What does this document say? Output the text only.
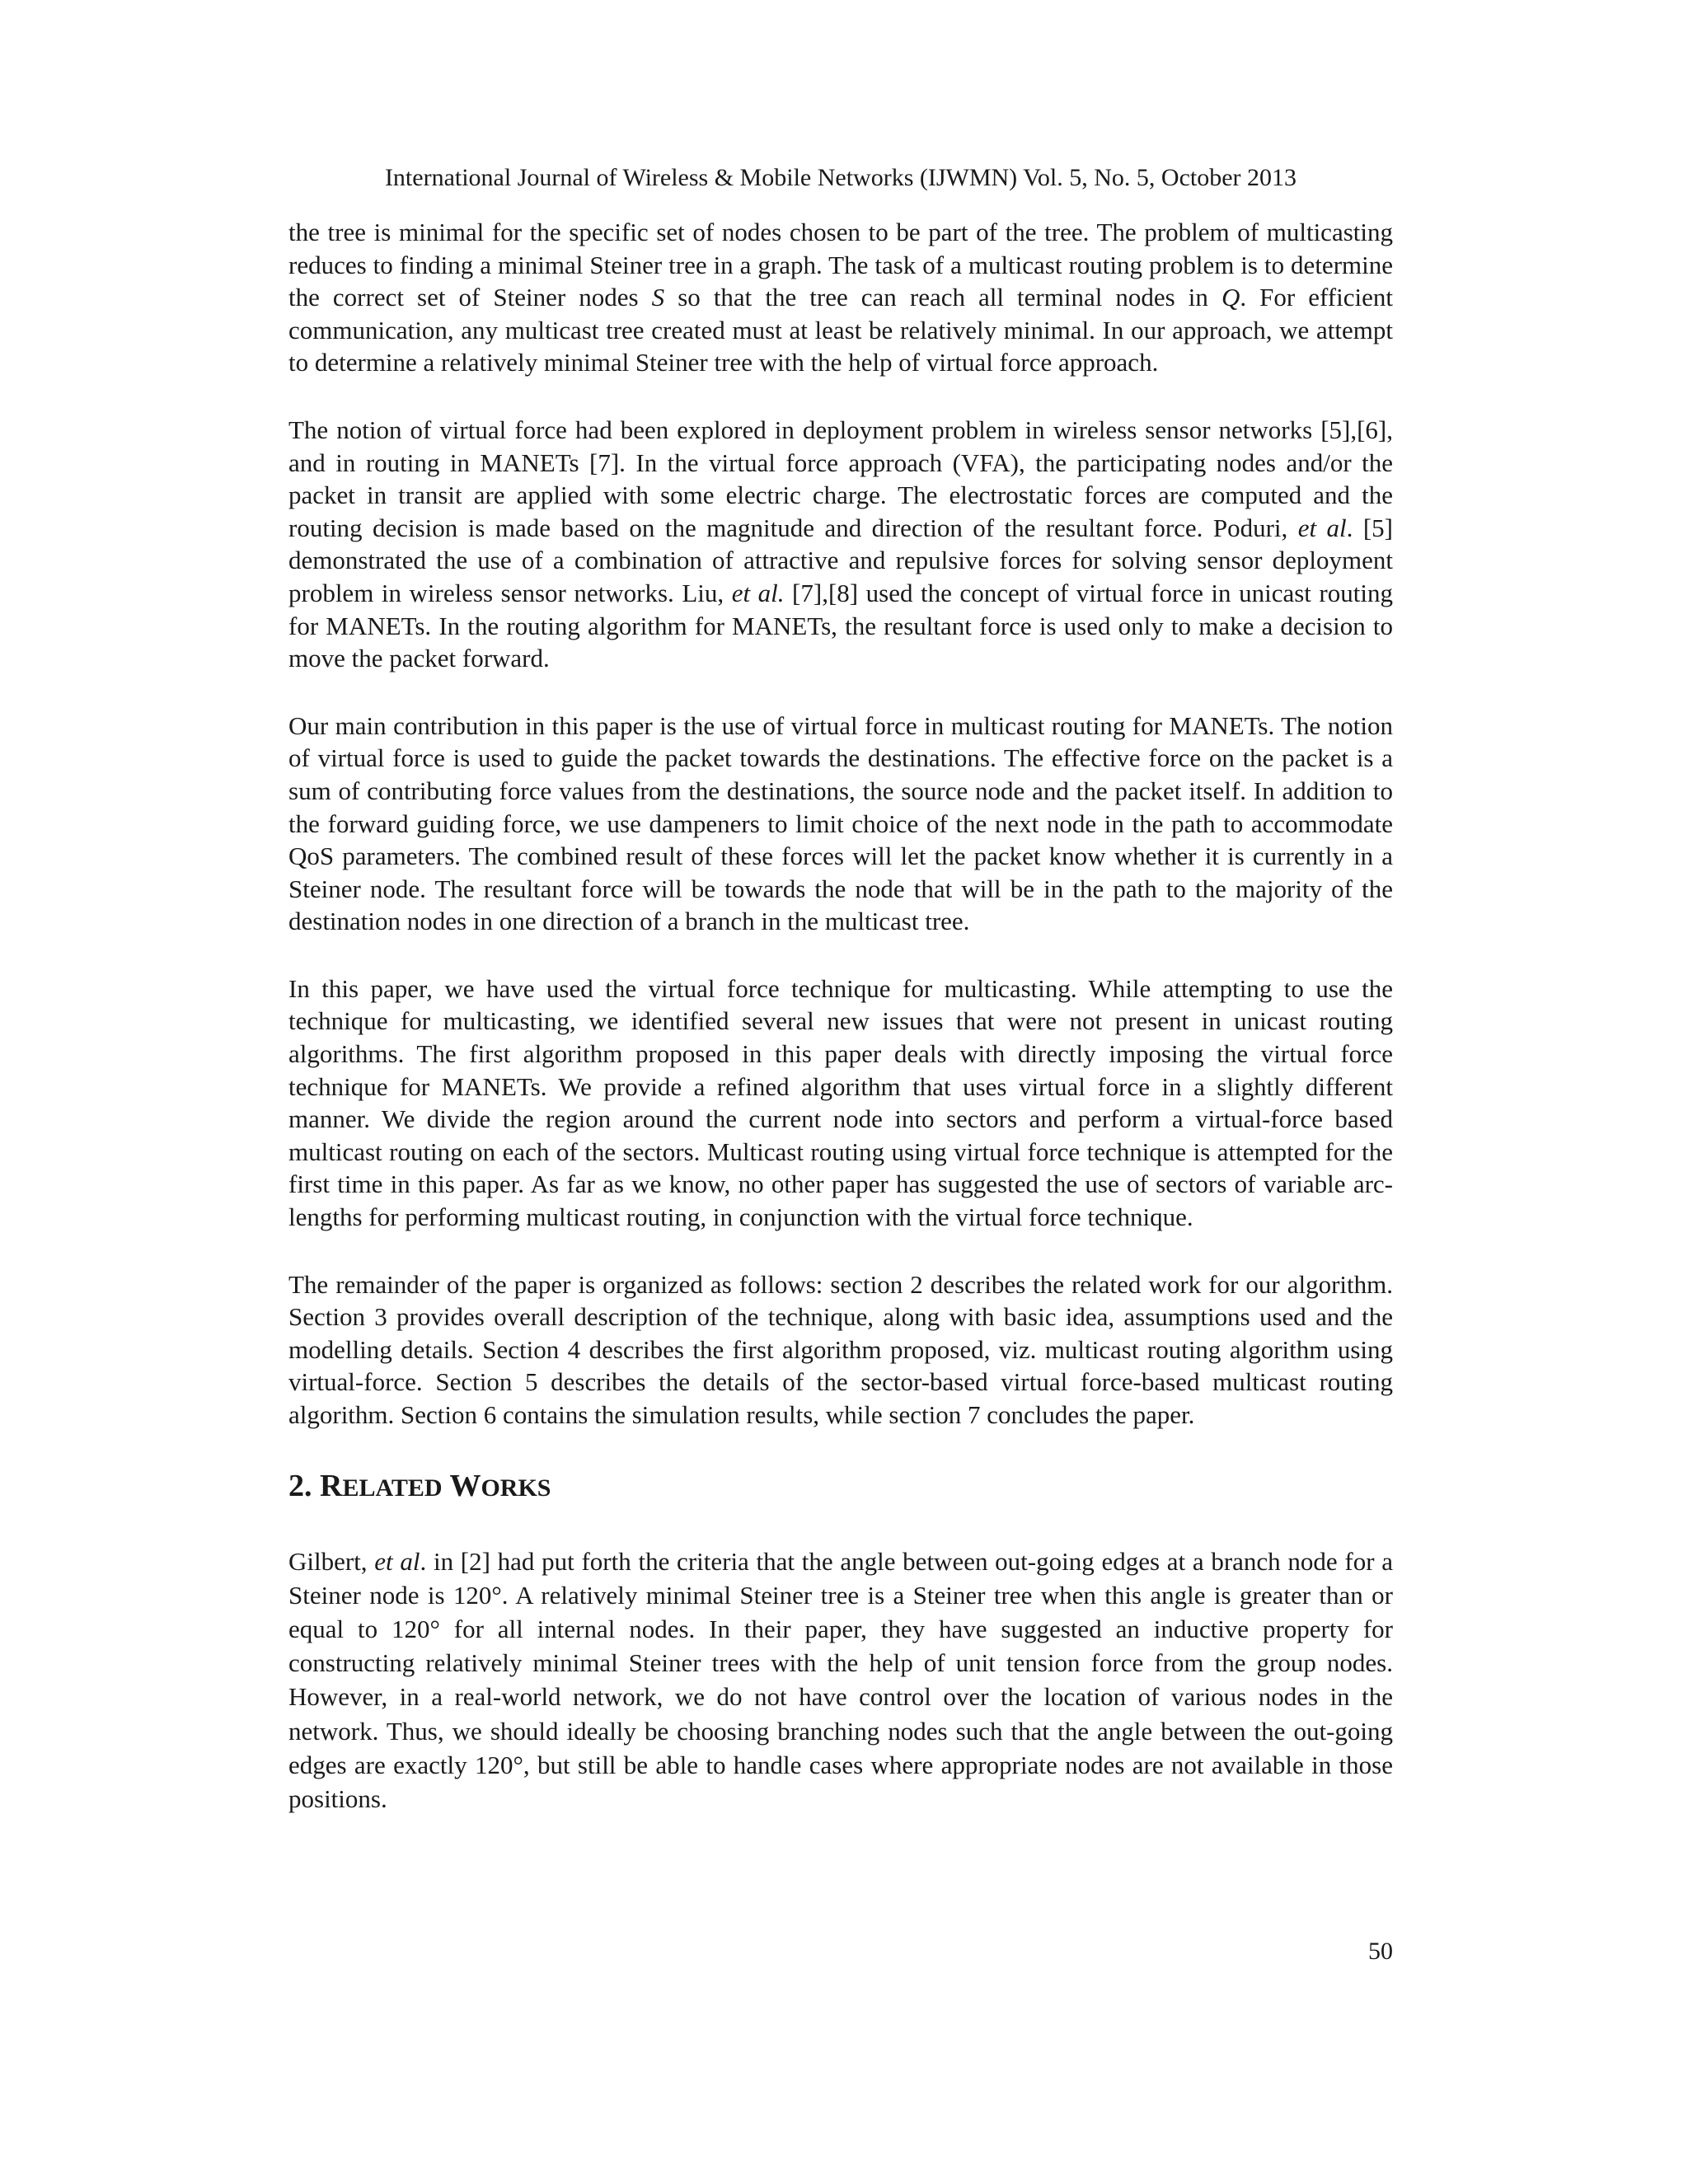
International Journal of Wireless & Mobile Networks (IJWMN) Vol. 5, No. 5, October 2013

the tree is minimal for the specific set of nodes chosen to be part of the tree. The problem of multicasting reduces to finding a minimal Steiner tree in a graph. The task of a multicast routing problem is to determine the correct set of Steiner nodes S so that the tree can reach all terminal nodes in Q. For efficient communication, any multicast tree created must at least be relatively minimal. In our approach, we attempt to determine a relatively minimal Steiner tree with the help of virtual force approach.

The notion of virtual force had been explored in deployment problem in wireless sensor networks [5],[6], and in routing in MANETs [7]. In the virtual force approach (VFA), the participating nodes and/or the packet in transit are applied with some electric charge. The electrostatic forces are computed and the routing decision is made based on the magnitude and direction of the resultant force. Poduri, et al. [5] demonstrated the use of a combination of attractive and repulsive forces for solving sensor deployment problem in wireless sensor networks. Liu, et al. [7],[8] used the concept of virtual force in unicast routing for MANETs. In the routing algorithm for MANETs, the resultant force is used only to make a decision to move the packet forward.

Our main contribution in this paper is the use of virtual force in multicast routing for MANETs. The notion of virtual force is used to guide the packet towards the destinations. The effective force on the packet is a sum of contributing force values from the destinations, the source node and the packet itself. In addition to the forward guiding force, we use dampeners to limit choice of the next node in the path to accommodate QoS parameters. The combined result of these forces will let the packet know whether it is currently in a Steiner node. The resultant force will be towards the node that will be in the path to the majority of the destination nodes in one direction of a branch in the multicast tree.

In this paper, we have used the virtual force technique for multicasting. While attempting to use the technique for multicasting, we identified several new issues that were not present in unicast routing algorithms. The first algorithm proposed in this paper deals with directly imposing the virtual force technique for MANETs. We provide a refined algorithm that uses virtual force in a slightly different manner. We divide the region around the current node into sectors and perform a virtual-force based multicast routing on each of the sectors. Multicast routing using virtual force technique is attempted for the first time in this paper. As far as we know, no other paper has suggested the use of sectors of variable arc-lengths for performing multicast routing, in conjunction with the virtual force technique.

The remainder of the paper is organized as follows: section 2 describes the related work for our algorithm. Section 3 provides overall description of the technique, along with basic idea, assumptions used and the modelling details. Section 4 describes the first algorithm proposed, viz. multicast routing algorithm using virtual-force. Section 5 describes the details of the sector-based virtual force-based multicast routing algorithm. Section 6 contains the simulation results, while section 7 concludes the paper.

2. RELATED WORKS

Gilbert, et al. in [2] had put forth the criteria that the angle between out-going edges at a branch node for a Steiner node is 120°. A relatively minimal Steiner tree is a Steiner tree when this angle is greater than or equal to 120° for all internal nodes. In their paper, they have suggested an inductive property for constructing relatively minimal Steiner trees with the help of unit tension force from the group nodes. However, in a real-world network, we do not have control over the location of various nodes in the network. Thus, we should ideally be choosing branching nodes such that the angle between the out-going edges are exactly 120°, but still be able to handle cases where appropriate nodes are not available in those positions.

50
